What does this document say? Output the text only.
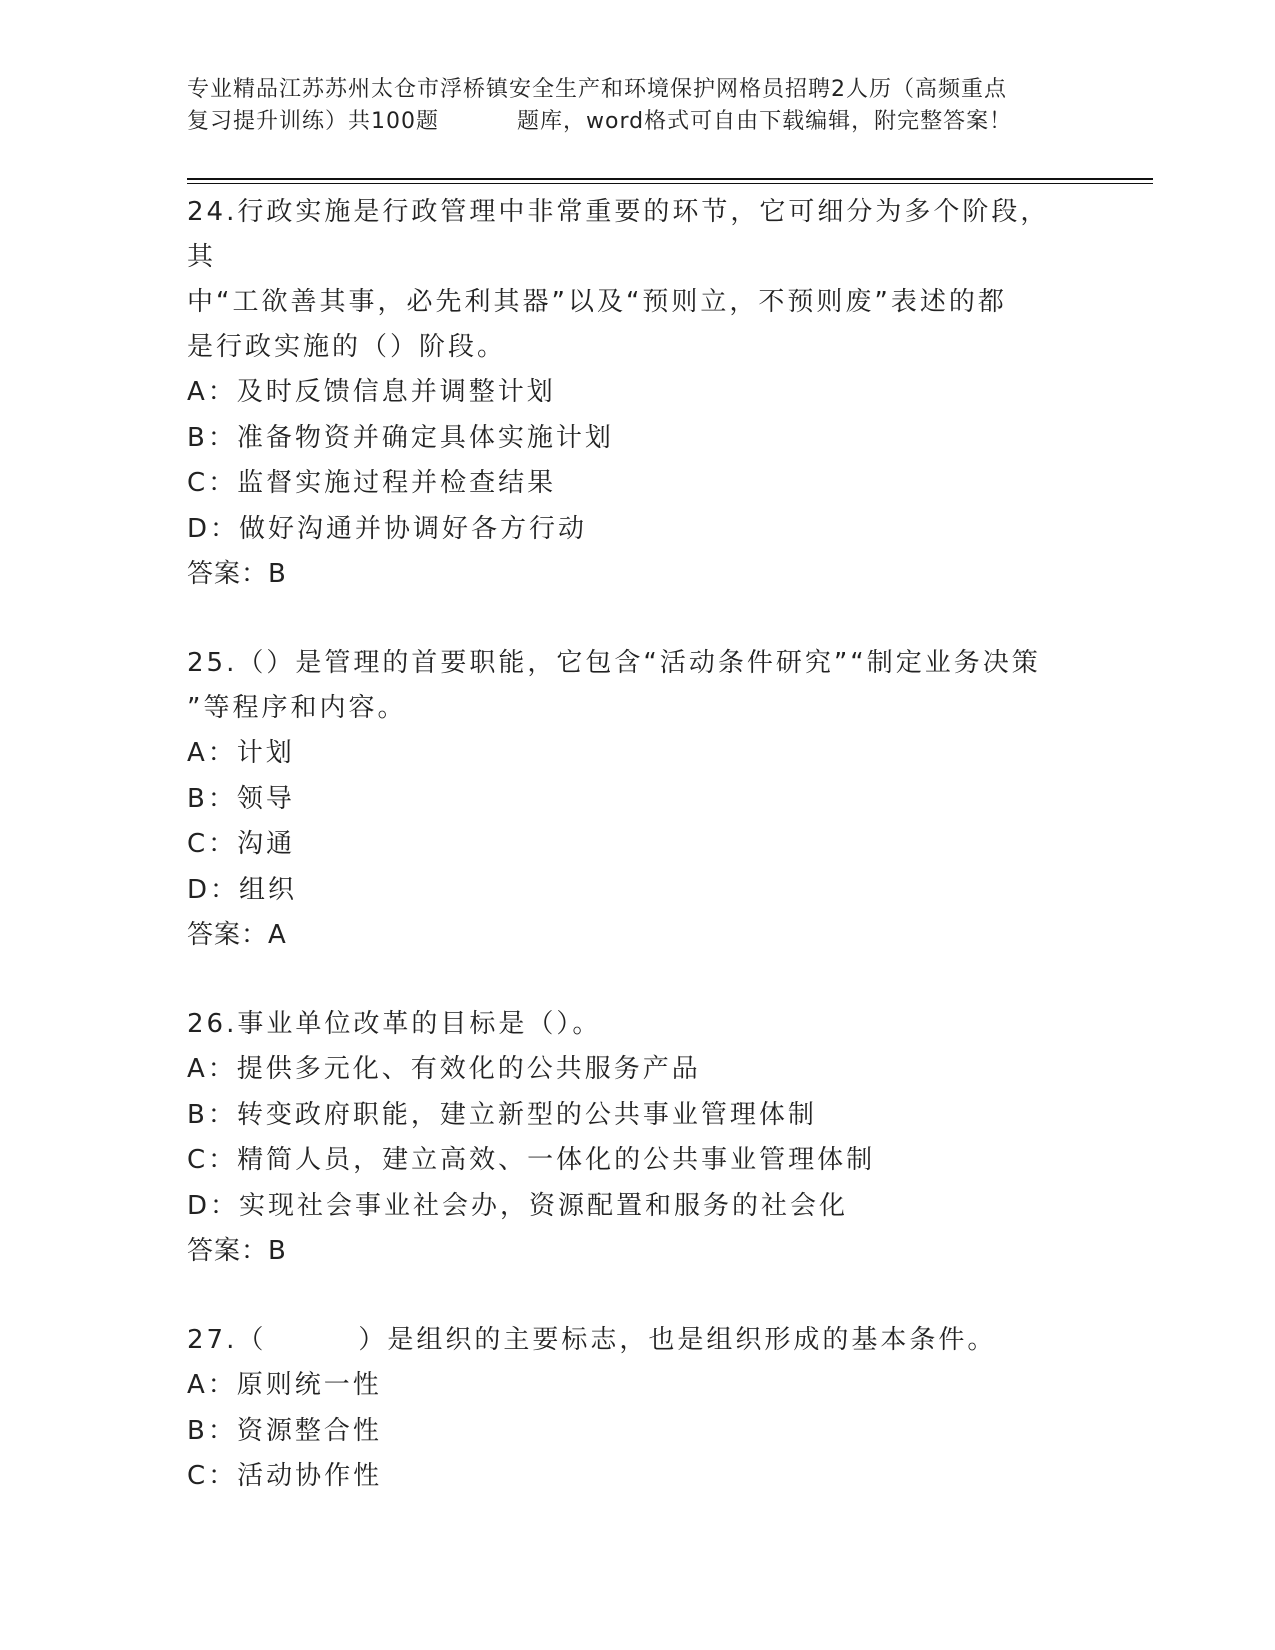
专业精品江苏苏州太仓市浮桥镇安全生产和环境保护网格员招聘2人历（高频重点
复习提升训练）共100题	题库，word格式可自由下载编辑，附完整答案！
24.行政实施是行政管理中非常重要的环节，它可细分为多个阶段，其
中“工欲善其事，必先利其器”以及“预则立，不预则废”表述的都
是行政实施的（）阶段。
A：及时反馈信息并调整计划
B：准备物资并确定具体实施计划
C：监督实施过程并检查结果
D：做好沟通并协调好各方行动
答案：B
25.（）是管理的首要职能，它包含“活动条件研究”“制定业务决策
”等程序和内容。
A：计划
B：领导
C：沟通
D：组织
答案：A
26.事业单位改革的目标是（）。
A：提供多元化、有效化的公共服务产品
B：转变政府职能，建立新型的公共事业管理体制
C：精简人员，建立高效、一体化的公共事业管理体制
D：实现社会事业社会办，资源配置和服务的社会化
答案：B
27.（	）是组织的主要标志，也是组织形成的基本条件。
A：原则统一性
B：资源整合性
C：活动协作性
